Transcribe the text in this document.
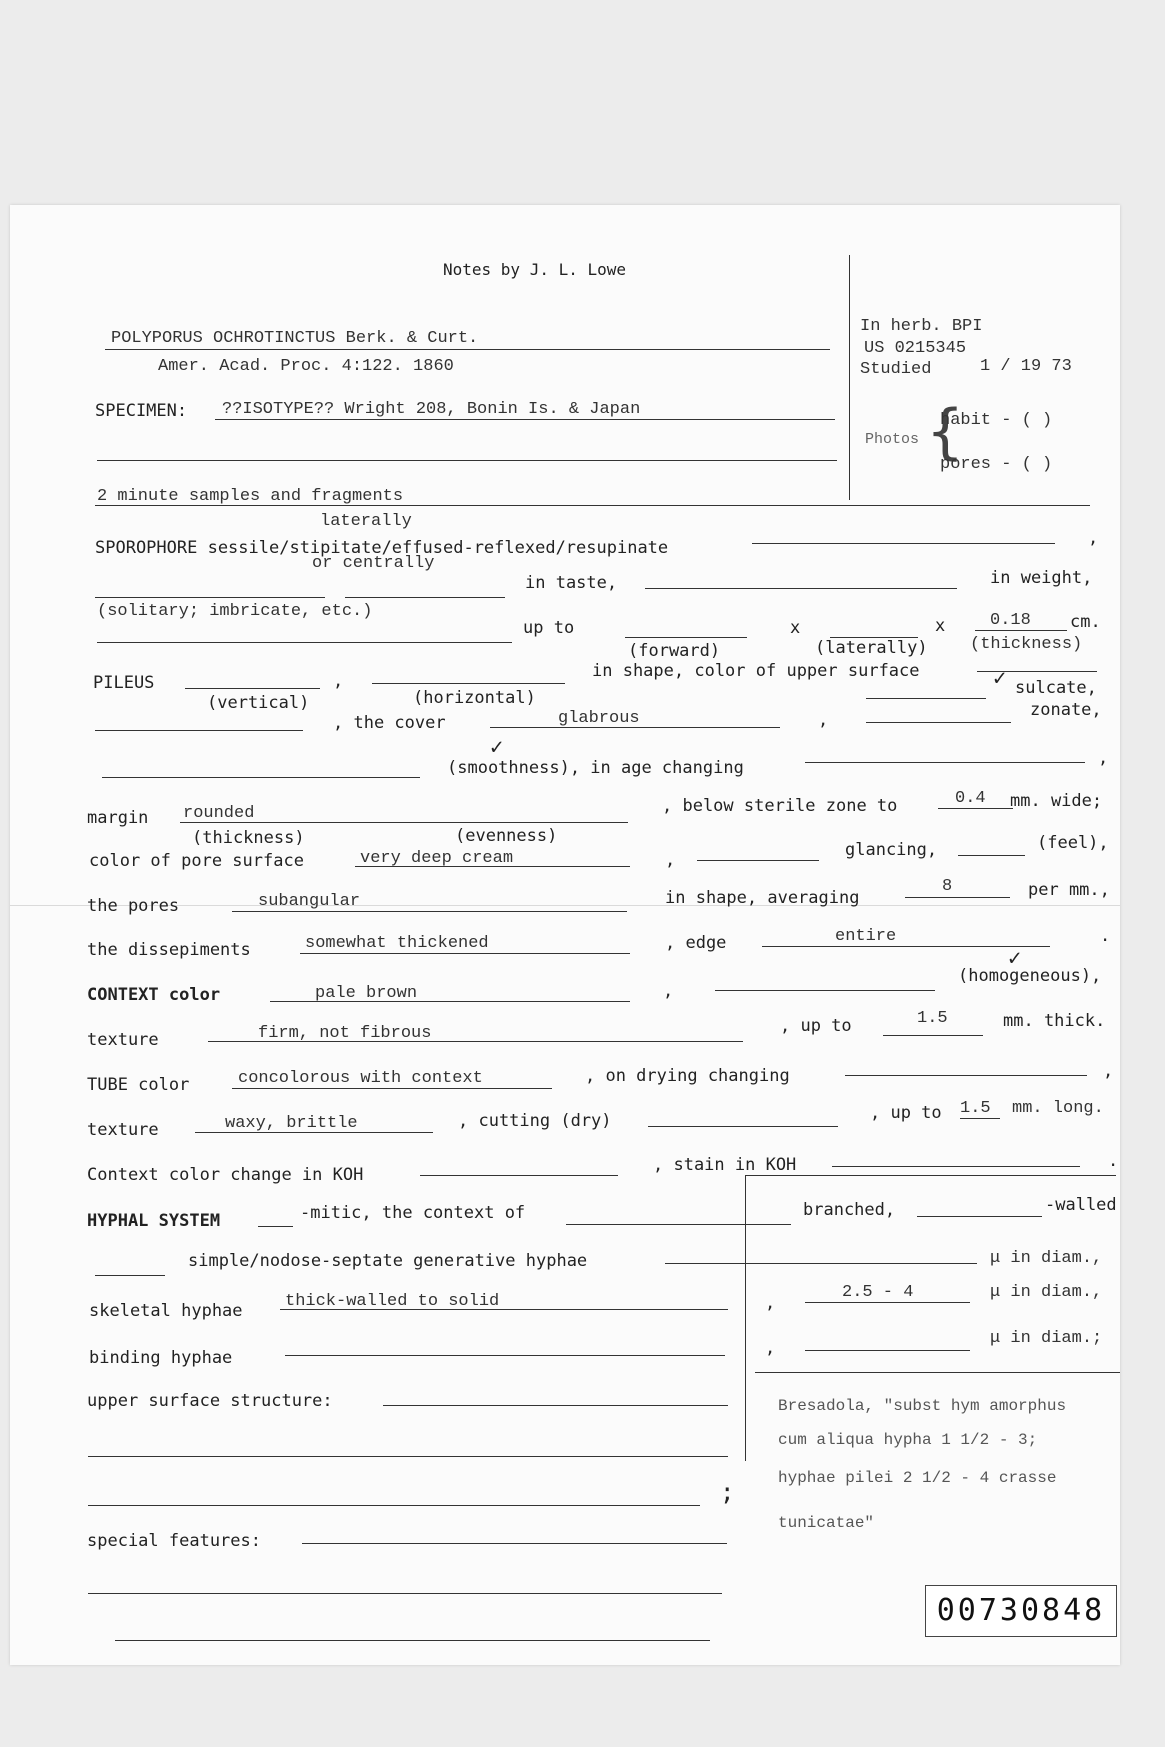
Notes by J. L. Lowe
POLYPORUS OCHROTINCTUS Berk. & Curt.
Amer. Acad. Proc. 4:122. 1860
SPECIMEN: ??ISOTYPE?? Wright 208, Bonin Is. & Japan
2 minute samples and fragments
In herb. BPI
US 0215345
Studied	1 / 19 73
Photos {
habit - ( )
pores - ( )
laterally
SPOROPHORE sessile/stipitate/effused-reflexed/resupinate	,
or centrally
in taste,	in weight,
(solitary; imbricate, etc.)
up to	x	x	0.18 cm.
(forward)	(laterally) (thickness)
PILEUS	,	in shape, color of upper surface	✓ sulcate,
(vertical)	(horizontal)
, the cover	glabrous	,	zonate,
✓
(smoothness), in age changing	,
margin rounded	, below sterile zone to	0.4 mm. wide;
(thickness)	(evenness)
color of pore surface	very deep cream	,	glancing,	(feel),
the pores	subangular	in shape, averaging
8	per mm.,
the dissepiments	somewhat thickened	, edge	entire	.
CONTEXT color	pale brown	,
✓
(homogeneous),
texture	firm, not fibrous	, up to	1.5	mm. thick.
TUBE color	concolorous with context	, on drying changing	,
texture	waxy, brittle	, cutting (dry)	, up to 1.5 mm. long.
Context color change in KOH	, stain in KOH	.
HYPHAL SYSTEM	-mitic, the context of	branched,	-walled
simple/nodose-septate generative hyphae	μ in diam.,
skeletal hyphae thick-walled to solid	,
2.5 - 4	μ in diam.,
binding hyphae	,	μ in diam.;
upper surface structure:
;
special features:
Bresadola, "subst hym amorphus
cum aliqua hypha 1 1/2 - 3;
hyphae pilei 2 1/2 - 4 crasse
tunicatae"
00730848
